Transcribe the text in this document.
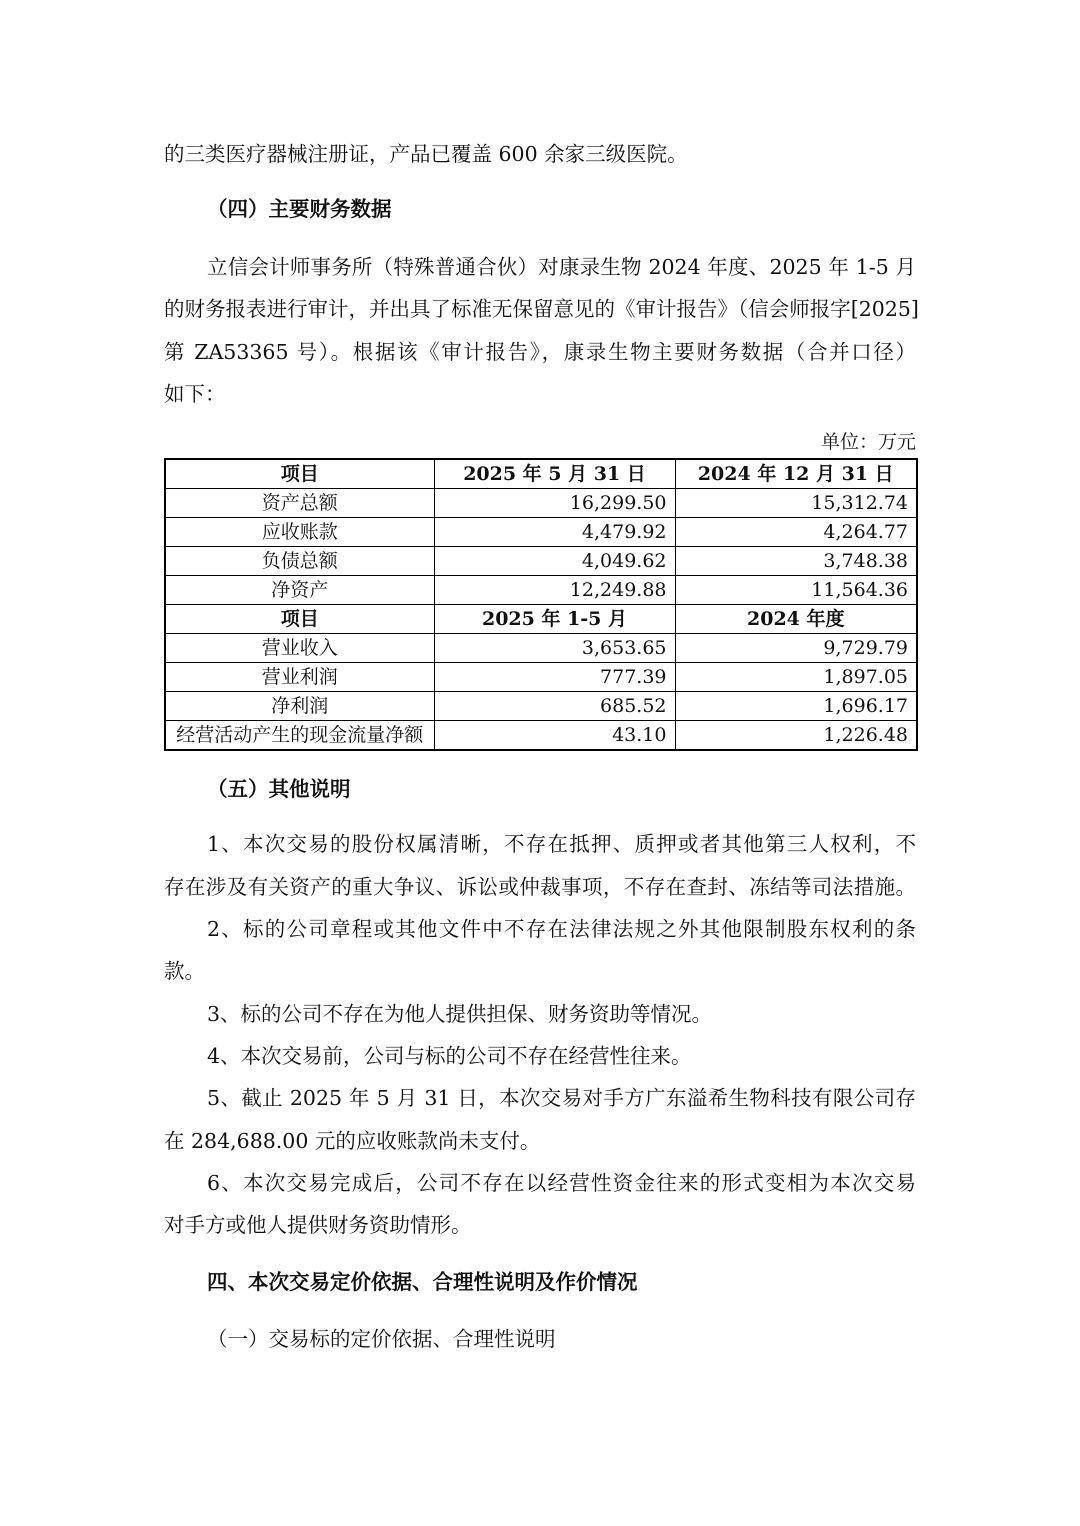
的三类医疗器械注册证，产品已覆盖 600 余家三级医院。
（四）主要财务数据
立信会计师事务所（特殊普通合伙）对康录生物 2024 年度、2025 年 1-5 月
的财务报表进行审计，并出具了标准无保留意见的《审计报告》（信会师报字[2025]
第 ZA53365 号）。根据该《审计报告》，康录生物主要财务数据（合并口径）
如下：
单位：万元
项目	2025 年 5 月 31 日	2024 年 12 月 31 日
资产总额	16,299.50	15,312.74
应收账款	4,479.92	4,264.77
负债总额	4,049.62	3,748.38
净资产	12,249.88	11,564.36
项目	2025 年 1-5 月	2024 年度
营业收入	3,653.65	9,729.79
营业利润	777.39	1,897.05
净利润	685.52	1,696.17
经营活动产生的现金流量净额	43.10	1,226.48
（五）其他说明
1、本次交易的股份权属清晰，不存在抵押、质押或者其他第三人权利，不
存在涉及有关资产的重大争议、诉讼或仲裁事项，不存在查封、冻结等司法措施。
2、标的公司章程或其他文件中不存在法律法规之外其他限制股东权利的条
款。
3、标的公司不存在为他人提供担保、财务资助等情况。
4、本次交易前，公司与标的公司不存在经营性往来。
5、截止 2025 年 5 月 31 日，本次交易对手方广东溢希生物科技有限公司存
在 284,688.00 元的应收账款尚未支付。
6、本次交易完成后，公司不存在以经营性资金往来的形式变相为本次交易
对手方或他人提供财务资助情形。
四、本次交易定价依据、合理性说明及作价情况
（一）交易标的定价依据、合理性说明
